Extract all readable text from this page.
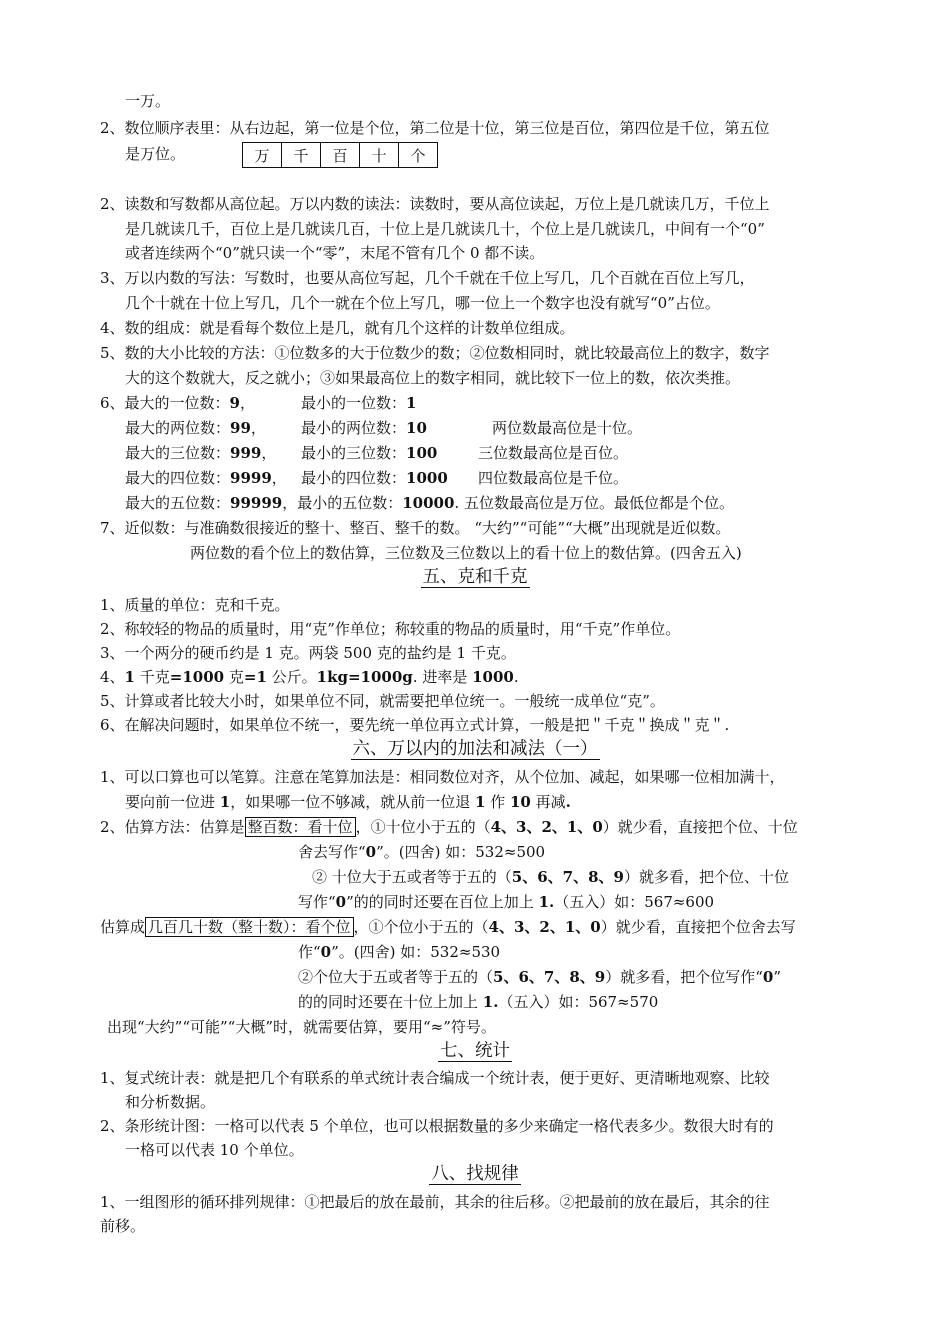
一万。
2、数位顺序表里：从右边起，第一位是个位，第二位是十位，第三位是百位，第四位是千位，第五位
是万位。	万	千	百	十	个
2、读数和写数都从高位起。万以内数的读法：读数时，要从高位读起，万位上是几就读几万，千位上
是几就读几千，百位上是几就读几百，十位上是几就读几十，个位上是几就读几，中间有一个“0”
或者连续两个“0”就只读一个“零”，末尾不管有几个 0 都不读。
3、万以内数的写法：写数时，也要从高位写起，几个千就在千位上写几，几个百就在百位上写几，
几个十就在十位上写几，几个一就在个位上写几，哪一位上一个数字也没有就写“0”占位。
4、数的组成：就是看每个数位上是几，就有几个这样的计数单位组成。
5、数的大小比较的方法：①位数多的大于位数少的数；②位数相同时，就比较最高位上的数字，数字
大的这个数就大，反之就小；③如果最高位上的数字相同，就比较下一位上的数，依次类推。
6、最大的一位数：9，	最小的一位数：1
最大的两位数：99， 最小的两位数：10	两位数最高位是十位。
最大的三位数：999， 最小的三位数：100	三位数最高位是百位。
最大的四位数：9999， 最小的四位数：1000 四位数最高位是千位。
最大的五位数：99999，最小的五位数：10000. 五位数最高位是万位。最低位都是个位。
7、近似数：与准确数很接近的整十、整百、整千的数。 “大约”“可能”“大概”出现就是近似数。
两位数的看个位上的数估算，三位数及三位数以上的看十位上的数估算。(四舍五入)
五、克和千克
1、质量的单位：克和千克。
2、称较轻的物品的质量时，用“克”作单位；称较重的物品的质量时，用“千克”作单位。
3、一个两分的硬币约是 1 克。两袋 500 克的盐约是 1 千克。
4、1 千克=1000 克=1 公斤。1kg=1000g. 进率是 1000.
5、计算或者比较大小时，如果单位不同，就需要把单位统一。一般统一成单位“克”。
6、在解决问题时，如果单位不统一，要先统一单位再立式计算，一般是把＂千克＂换成＂克＂.
六、万以内的加法和减法（一）
1、可以口算也可以笔算。注意在笔算加法是：相同数位对齐，从个位加、减起，如果哪一位相加满十，
要向前一位进 1，如果哪一位不够减，就从前一位退 1 作 10 再减.
2、估算方法：估算是 整百数：看十位 ，①十位小于五的（4、3、2、1、0）就少看，直接把个位、十位
舍去写作“0”。(四舍) 如：532≈500
② 十位大于五或者等于五的（5、6、7、8、9）就多看，把个位、十位
写作“0”的的同时还要在百位上加上 1.（五入）如：567≈600
估算成 几百几十数（整十数）：看个位 ，①个位小于五的（4、3、2、1、0）就少看，直接把个位舍去写
作“0”。(四舍) 如：532≈530
②个位大于五或者等于五的（5、6、7、8、9）就多看，把个位写作“0”
的的同时还要在十位上加上 1.（五入）如：567≈570
出现“大约”“可能”“大概”时，就需要估算，要用“≈”符号。
七、统计
1、复式统计表：就是把几个有联系的单式统计表合编成一个统计表，便于更好、更清晰地观察、比较
和分析数据。
2、条形统计图：一格可以代表 5 个单位，也可以根据数量的多少来确定一格代表多少。数很大时有的
一格可以代表 10 个单位。
八、找规律
1、一组图形的循环排列规律：①把最后的放在最前，其余的往后移。②把最前的放在最后，其余的往
前移。
